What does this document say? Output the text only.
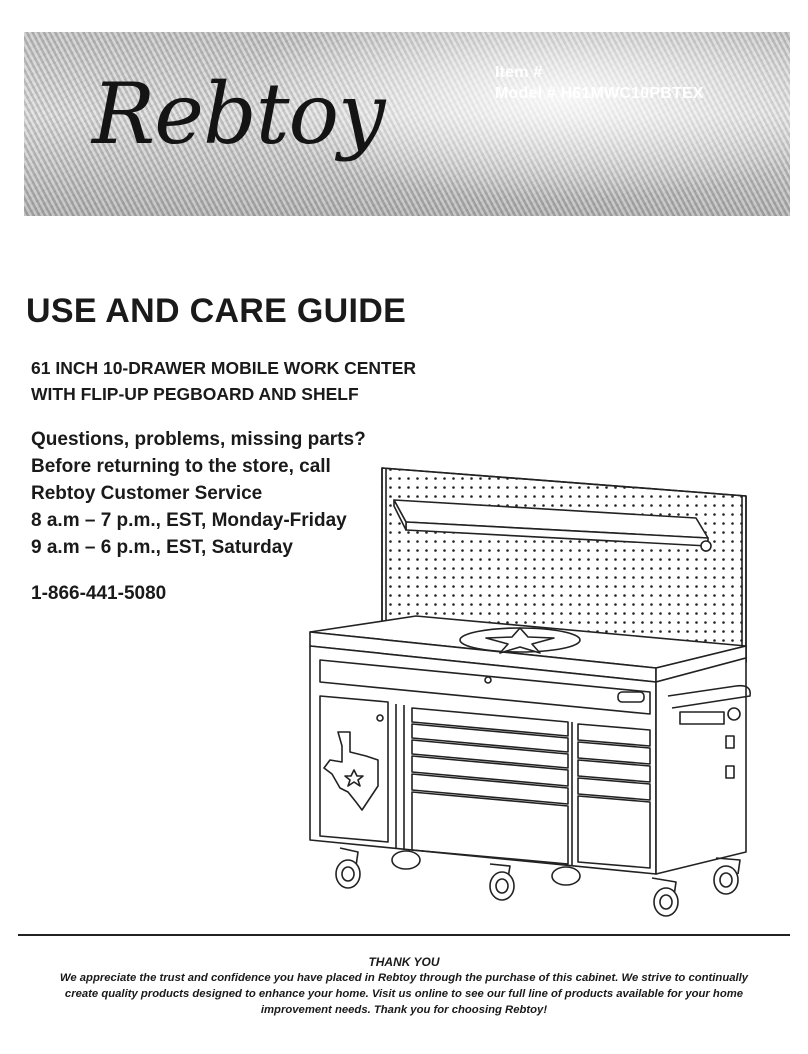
Rebtoy	Item #
Model # H61MWC10PBTEX
USE AND CARE GUIDE
61 INCH 10-DRAWER MOBILE WORK CENTER
WITH FLIP-UP PEGBOARD AND SHELF
Questions, problems, missing parts?
Before returning to the store, call
Rebtoy Customer Service
8 a.m – 7 p.m., EST, Monday-Friday
9 a.m – 6 p.m., EST, Saturday
1-866-441-5080
THANK YOU
We appreciate the trust and confidence you have placed in Rebtoy through the purchase of this cabinet. We strive to continually
create quality products designed to enhance your home. Visit us online to see our full line of products available for your home
improvement needs. Thank you for choosing Rebtoy!
